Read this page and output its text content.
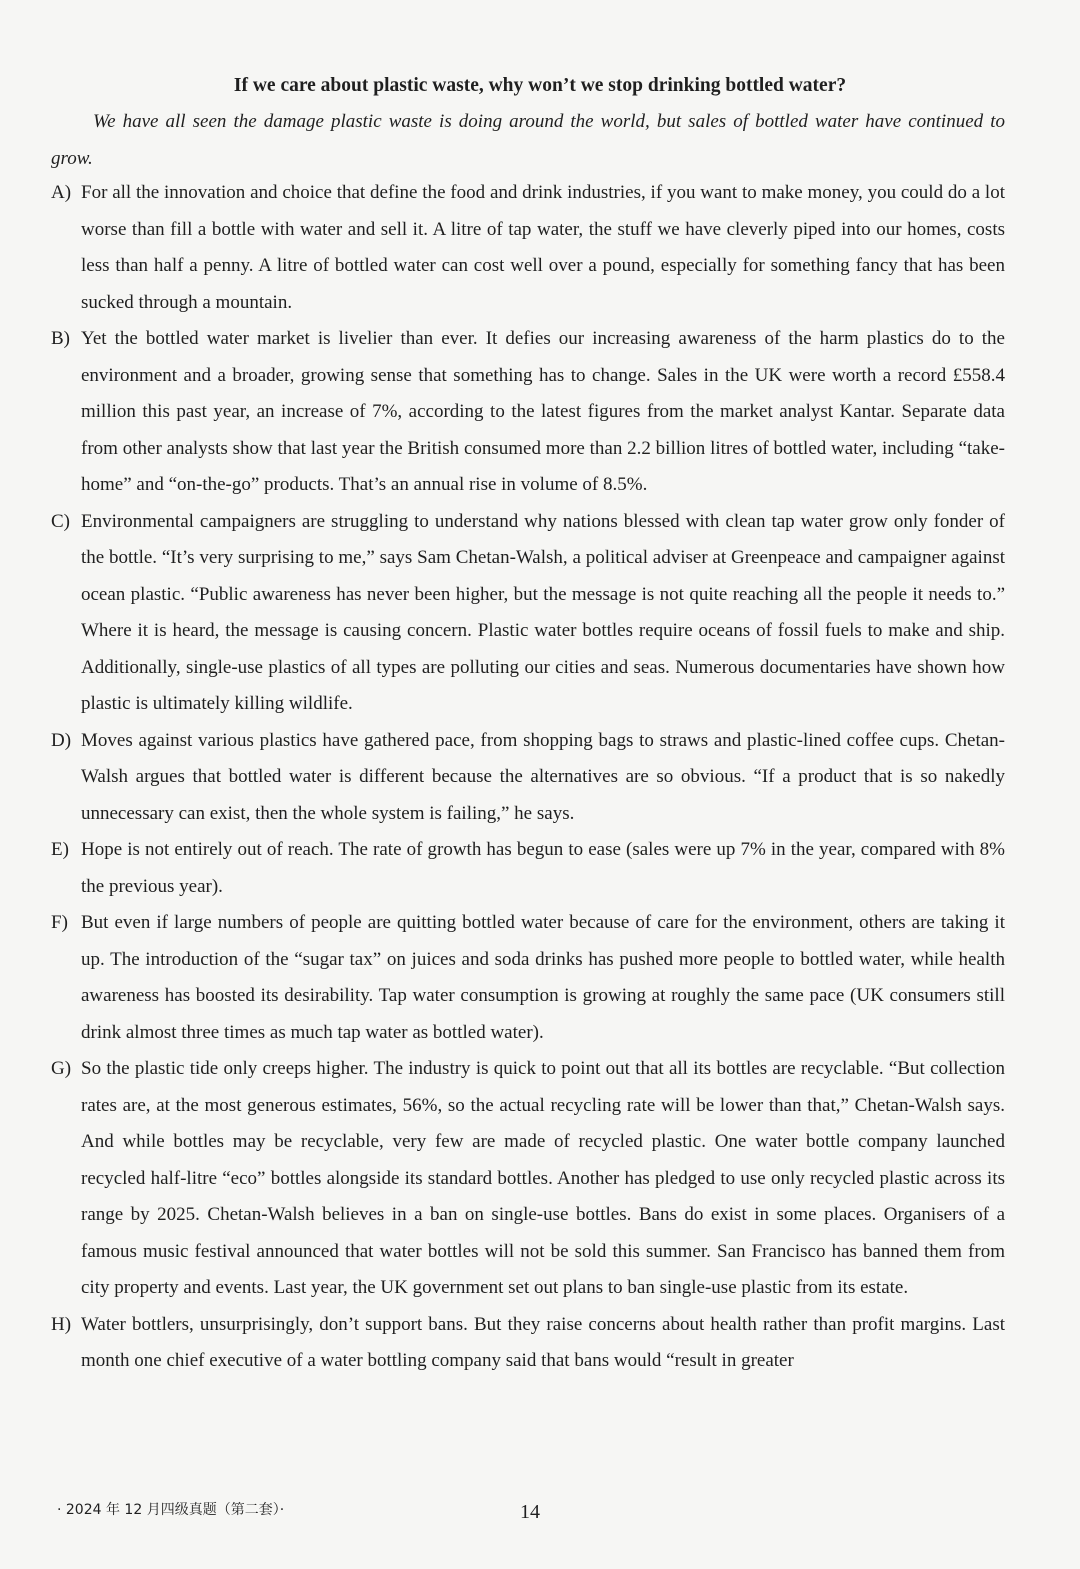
If we care about plastic waste, why won’t we stop drinking bottled water?
We have all seen the damage plastic waste is doing around the world, but sales of bottled water have continued to grow.
A) For all the innovation and choice that define the food and drink industries, if you want to make money, you could do a lot worse than fill a bottle with water and sell it. A litre of tap water, the stuff we have cleverly piped into our homes, costs less than half a penny. A litre of bottled water can cost well over a pound, especially for something fancy that has been sucked through a mountain.
B) Yet the bottled water market is livelier than ever. It defies our increasing awareness of the harm plastics do to the environment and a broader, growing sense that something has to change. Sales in the UK were worth a record £558.4 million this past year, an increase of 7%, according to the latest figures from the market analyst Kantar. Separate data from other analysts show that last year the British consumed more than 2.2 billion litres of bottled water, including “take-home” and “on-the-go” products. That’s an annual rise in volume of 8.5%.
C) Environmental campaigners are struggling to understand why nations blessed with clean tap water grow only fonder of the bottle. “It’s very surprising to me,” says Sam Chetan-Walsh, a political adviser at Greenpeace and campaigner against ocean plastic. “Public awareness has never been higher, but the message is not quite reaching all the people it needs to.” Where it is heard, the message is causing concern. Plastic water bottles require oceans of fossil fuels to make and ship. Additionally, single-use plastics of all types are polluting our cities and seas. Numerous documentaries have shown how plastic is ultimately killing wildlife.
D) Moves against various plastics have gathered pace, from shopping bags to straws and plastic-lined coffee cups. Chetan-Walsh argues that bottled water is different because the alternatives are so obvious. “If a product that is so nakedly unnecessary can exist, then the whole system is failing,” he says.
E) Hope is not entirely out of reach. The rate of growth has begun to ease (sales were up 7% in the year, compared with 8% the previous year).
F) But even if large numbers of people are quitting bottled water because of care for the environment, others are taking it up. The introduction of the “sugar tax” on juices and soda drinks has pushed more people to bottled water, while health awareness has boosted its desirability. Tap water consumption is growing at roughly the same pace (UK consumers still drink almost three times as much tap water as bottled water).
G) So the plastic tide only creeps higher. The industry is quick to point out that all its bottles are recyclable. “But collection rates are, at the most generous estimates, 56%, so the actual recycling rate will be lower than that,” Chetan-Walsh says. And while bottles may be recyclable, very few are made of recycled plastic. One water bottle company launched recycled half-litre “eco” bottles alongside its standard bottles. Another has pledged to use only recycled plastic across its range by 2025. Chetan-Walsh believes in a ban on single-use bottles. Bans do exist in some places. Organisers of a famous music festival announced that water bottles will not be sold this summer. San Francisco has banned them from city property and events. Last year, the UK government set out plans to ban single-use plastic from its estate.
H) Water bottlers, unsurprisingly, don’t support bans. But they raise concerns about health rather than profit margins. Last month one chief executive of a water bottling company said that bans would “result in greater
· 2024 年 12 月四级真题（第二套）·	14
